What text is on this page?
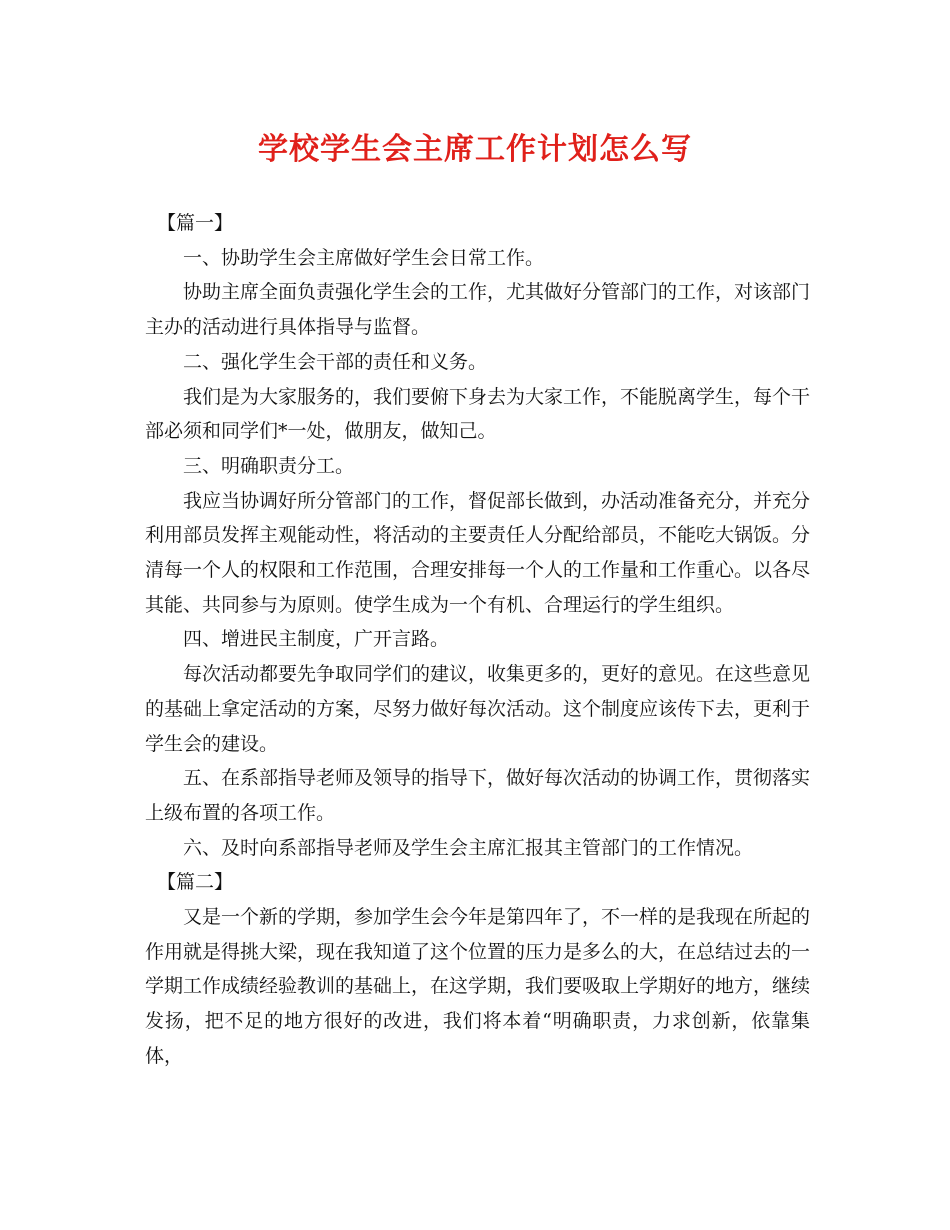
学校学生会主席工作计划怎么写

【篇一】

一、协助学生会主席做好学生会日常工作。

协助主席全面负责强化学生会的工作，尤其做好分管部门的工作，对该部门主办的活动进行具体指导与监督。

二、强化学生会干部的责任和义务。

我们是为大家服务的，我们要俯下身去为大家工作，不能脱离学生，每个干部必须和同学们*一处，做朋友，做知己。

三、明确职责分工。

我应当协调好所分管部门的工作，督促部长做到，办活动准备充分，并充分利用部员发挥主观能动性，将活动的主要责任人分配给部员，不能吃大锅饭。分清每一个人的权限和工作范围，合理安排每一个人的工作量和工作重心。以各尽其能、共同参与为原则。使学生成为一个有机、合理运行的学生组织。

四、增进民主制度，广开言路。

每次活动都要先争取同学们的建议，收集更多的，更好的意见。在这些意见的基础上拿定活动的方案，尽努力做好每次活动。这个制度应该传下去，更利于学生会的建设。

五、在系部指导老师及领导的指导下，做好每次活动的协调工作，贯彻落实上级布置的各项工作。

六、及时向系部指导老师及学生会主席汇报其主管部门的工作情况。

【篇二】

又是一个新的学期，参加学生会今年是第四年了，不一样的是我现在所起的作用就是得挑大梁，现在我知道了这个位置的压力是多么的大，在总结过去的一学期工作成绩经验教训的基础上，在这学期，我们要吸取上学期好的地方，继续发扬，把不足的地方很好的改进，我们将本着“明确职责，力求创新，依靠集体，
